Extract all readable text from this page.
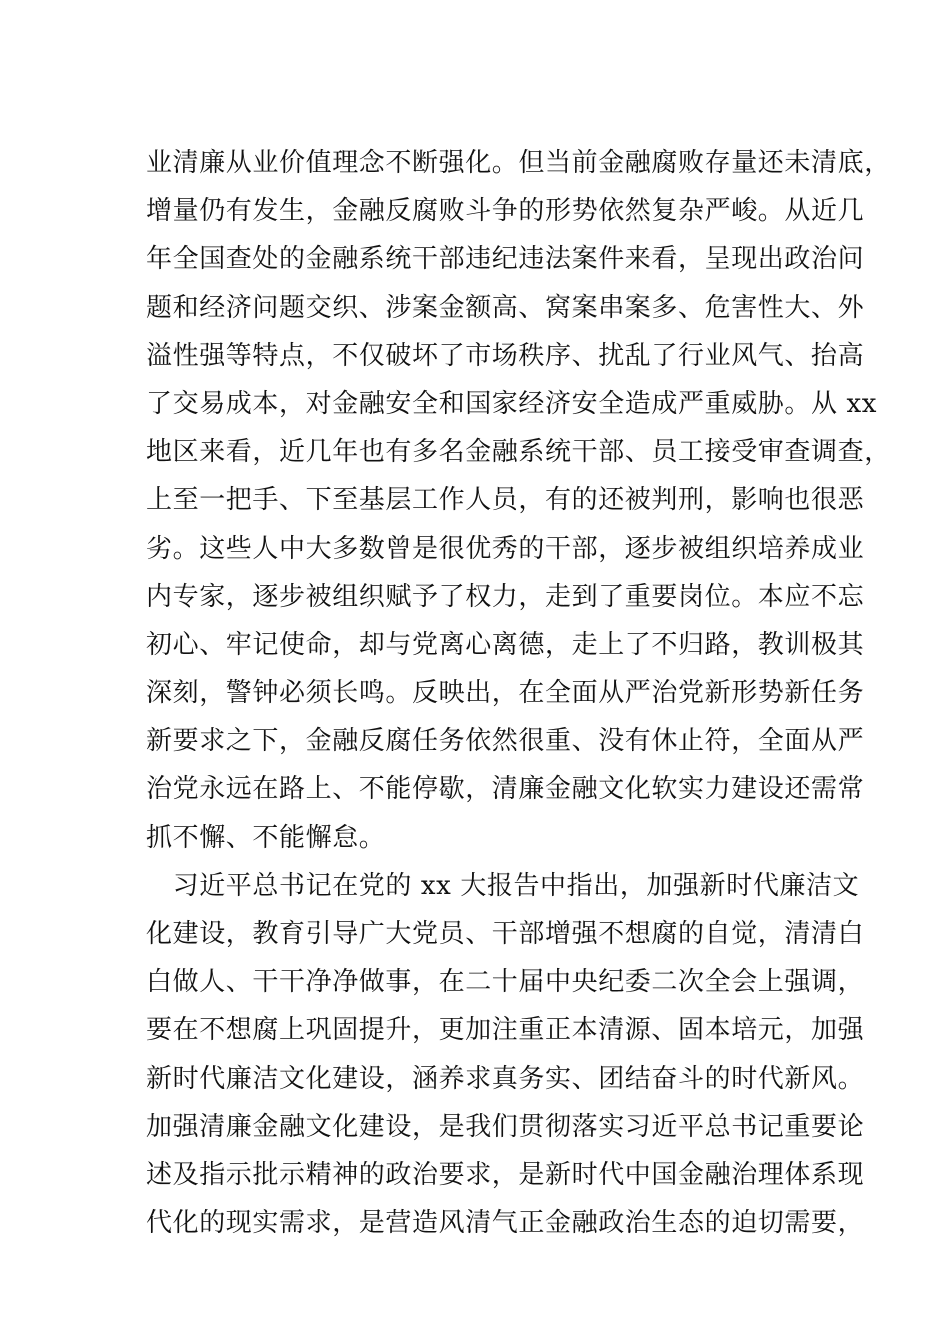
业清廉从业价值理念不断强化。但当前金融腐败存量还未清底，
增量仍有发生，金融反腐败斗争的形势依然复杂严峻。从近几
年全国查处的金融系统干部违纪违法案件来看，呈现出政治问
题和经济问题交织、涉案金额高、窝案串案多、危害性大、外
溢性强等特点，不仅破坏了市场秩序、扰乱了行业风气、抬高
了交易成本，对金融安全和国家经济安全造成严重威胁。从 xx
地区来看，近几年也有多名金融系统干部、员工接受审查调查，
上至一把手、下至基层工作人员，有的还被判刑，影响也很恶
劣。这些人中大多数曾是很优秀的干部，逐步被组织培养成业
内专家，逐步被组织赋予了权力，走到了重要岗位。本应不忘
初心、牢记使命，却与党离心离德，走上了不归路，教训极其
深刻，警钟必须长鸣。反映出，在全面从严治党新形势新任务
新要求之下，金融反腐任务依然很重、没有休止符，全面从严
治党永远在路上、不能停歇，清廉金融文化软实力建设还需常
抓不懈、不能懈怠。
　习近平总书记在党的 xx 大报告中指出，加强新时代廉洁文
化建设，教育引导广大党员、干部增强不想腐的自觉，清清白
白做人、干干净净做事，在二十届中央纪委二次全会上强调，
要在不想腐上巩固提升，更加注重正本清源、固本培元，加强
新时代廉洁文化建设，涵养求真务实、团结奋斗的时代新风。
加强清廉金融文化建设，是我们贯彻落实习近平总书记重要论
述及指示批示精神的政治要求，是新时代中国金融治理体系现
代化的现实需求，是营造风清气正金融政治生态的迫切需要，
